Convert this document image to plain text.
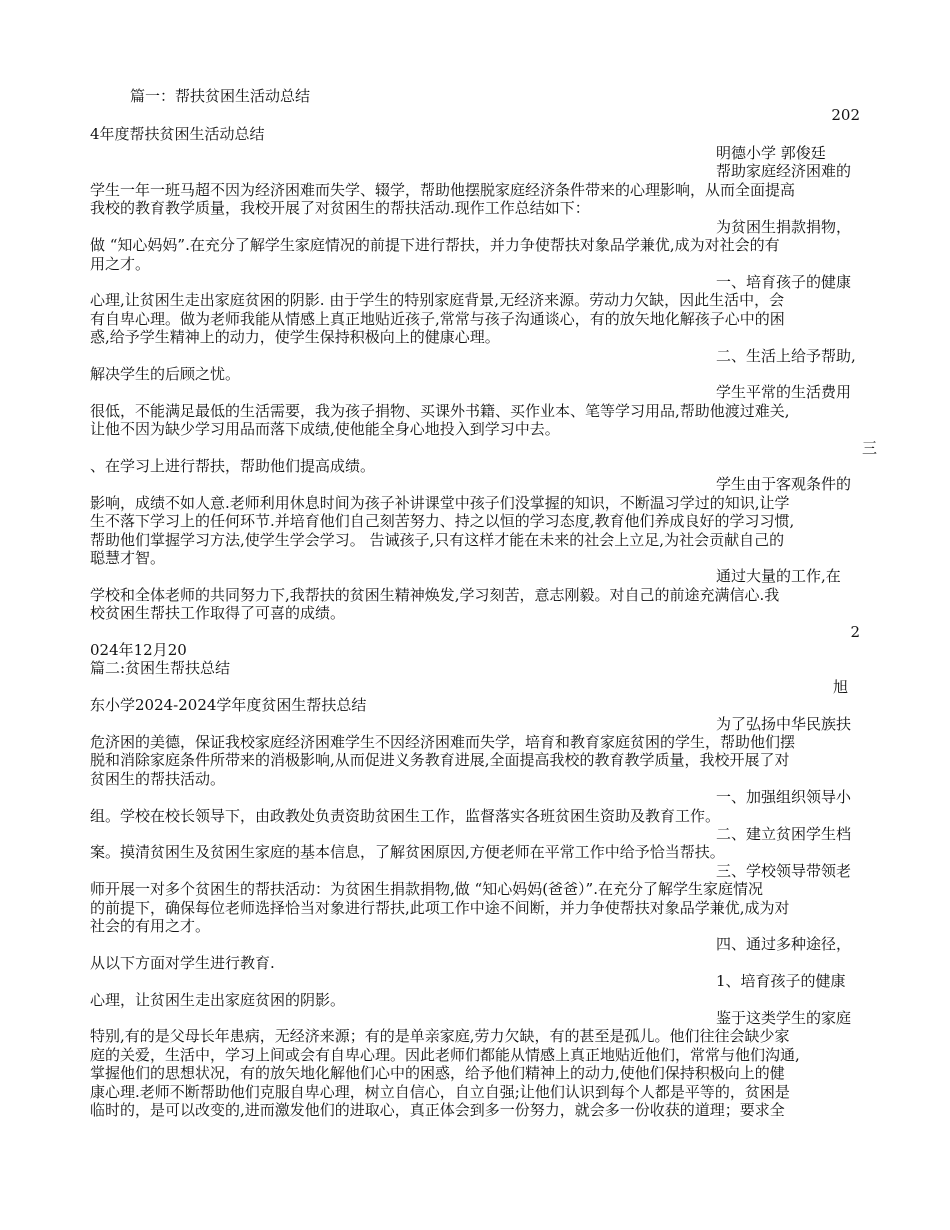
篇一：帮扶贫困生活动总结
202
4年度帮扶贫困生活动总结
明德小学 郭俊廷
帮助家庭经济困难的
学生一年一班马超不因为经济困难而失学、辍学，帮助他摆脱家庭经济条件带来的心理影响，从而全面提高
我校的教育教学质量，我校开展了对贫困生的帮扶活动.现作工作总结如下：
为贫困生捐款捐物，
做 “知心妈妈”.在充分了解学生家庭情况的前提下进行帮扶，并力争使帮扶对象品学兼优,成为对社会的有
用之才。
一、培育孩子的健康
心理,让贫困生走出家庭贫困的阴影. 由于学生的特别家庭背景,无经济来源。劳动力欠缺，因此生活中，会
有自卑心理。做为老师我能从情感上真正地贴近孩子,常常与孩子沟通谈心，有的放矢地化解孩子心中的困
惑,给予学生精神上的动力，使学生保持积极向上的健康心理。
二、生活上给予帮助,
解决学生的后顾之忧。
学生平常的生活费用
很低，不能满足最低的生活需要，我为孩子捐物、买课外书籍、买作业本、笔等学习用品,帮助他渡过难关,
让他不因为缺少学习用品而落下成绩,使他能全身心地投入到学习中去。
三
、在学习上进行帮扶，帮助他们提高成绩。
学生由于客观条件的
影响，成绩不如人意.老师利用休息时间为孩子补讲课堂中孩子们没掌握的知识，不断温习学过的知识,让学
生不落下学习上的任何环节.并培育他们自己刻苦努力、持之以恒的学习态度,教育他们养成良好的学习习惯,
帮助他们掌握学习方法,使学生学会学习。 告诫孩子,只有这样才能在未来的社会上立足,为社会贡献自己的
聪慧才智。
通过大量的工作,在
学校和全体老师的共同努力下,我帮扶的贫困生精神焕发,学习刻苦，意志刚毅。对自己的前途充满信心.我
校贫困生帮扶工作取得了可喜的成绩。
2
024年12月20
篇二:贫困生帮扶总结
旭
东小学2024-2024学年度贫困生帮扶总结
为了弘扬中华民族扶
危济困的美德，保证我校家庭经济困难学生不因经济困难而失学，培育和教育家庭贫困的学生，帮助他们摆
脱和消除家庭条件所带来的消极影响,从而促进义务教育进展,全面提高我校的教育教学质量，我校开展了对
贫困生的帮扶活动。
一、加强组织领导小
组。学校在校长领导下，由政教处负责资助贫困生工作，监督落实各班贫困生资助及教育工作。
二、建立贫困学生档
案。摸清贫困生及贫困生家庭的基本信息，了解贫困原因,方便老师在平常工作中给予恰当帮扶。
三、学校领导带领老
师开展一对多个贫困生的帮扶活动：为贫困生捐款捐物,做 “知心妈妈(爸爸）”.在充分了解学生家庭情况
的前提下，确保每位老师选择恰当对象进行帮扶,此项工作中途不间断，并力争使帮扶对象品学兼优,成为对
社会的有用之才。
四、通过多种途径，
从以下方面对学生进行教育.
1、培育孩子的健康
心理，让贫困生走出家庭贫困的阴影。
鉴于这类学生的家庭
特别,有的是父母长年患病，无经济来源；有的是单亲家庭,劳力欠缺，有的甚至是孤儿。他们往往会缺少家
庭的关爱，生活中，学习上间或会有自卑心理。因此老师们都能从情感上真正地贴近他们，常常与他们沟通,
掌握他们的思想状况，有的放矢地化解他们心中的困惑，给予他们精神上的动力,使他们保持积极向上的健
康心理.老师不断帮助他们克服自卑心理，树立自信心，自立自强;让他们认识到每个人都是平等的，贫困是
临时的，是可以改变的,进而激发他们的进取心，真正体会到多一份努力，就会多一份收获的道理；要求全
